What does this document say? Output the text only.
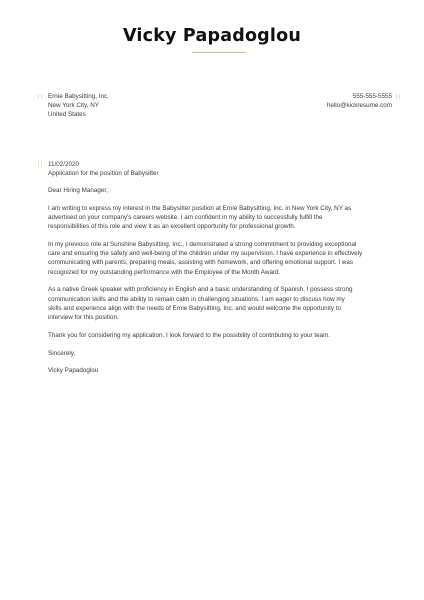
Vicky Papadoglou
Ernie Babysitting, Inc.
New York City, NY
United States
555-555-5555
hello@kickresume.com
11/02/2020
Application for the position of Babysitter

Dear Hiring Manager,

I am writing to express my interest in the Babysitter position at Ernie Babysitting, Inc. in New York City, NY as
advertised on your company's careers website. I am confident in my ability to successfully fulfill the
responsibilities of this role and view it as an excellent opportunity for professional growth.

In my previous role at Sunshine Babysitting, Inc., I demonstrated a strong commitment to providing exceptional
care and ensuring the safety and well-being of the children under my supervision. I have experience in effectively
communicating with parents, preparing meals, assisting with homework, and offering emotional support. I was
recognized for my outstanding performance with the Employee of the Month Award.

As a native Greek speaker with proficiency in English and a basic understanding of Spanish, I possess strong
communication skills and the ability to remain calm in challenging situations. I am eager to discuss how my
skills and experience align with the needs of Ernie Babysitting, Inc. and would welcome the opportunity to
interview for this position.

Thank you for considering my application. I look forward to the possibility of contributing to your team.

Sincerely,

Vicky Papadoglou
